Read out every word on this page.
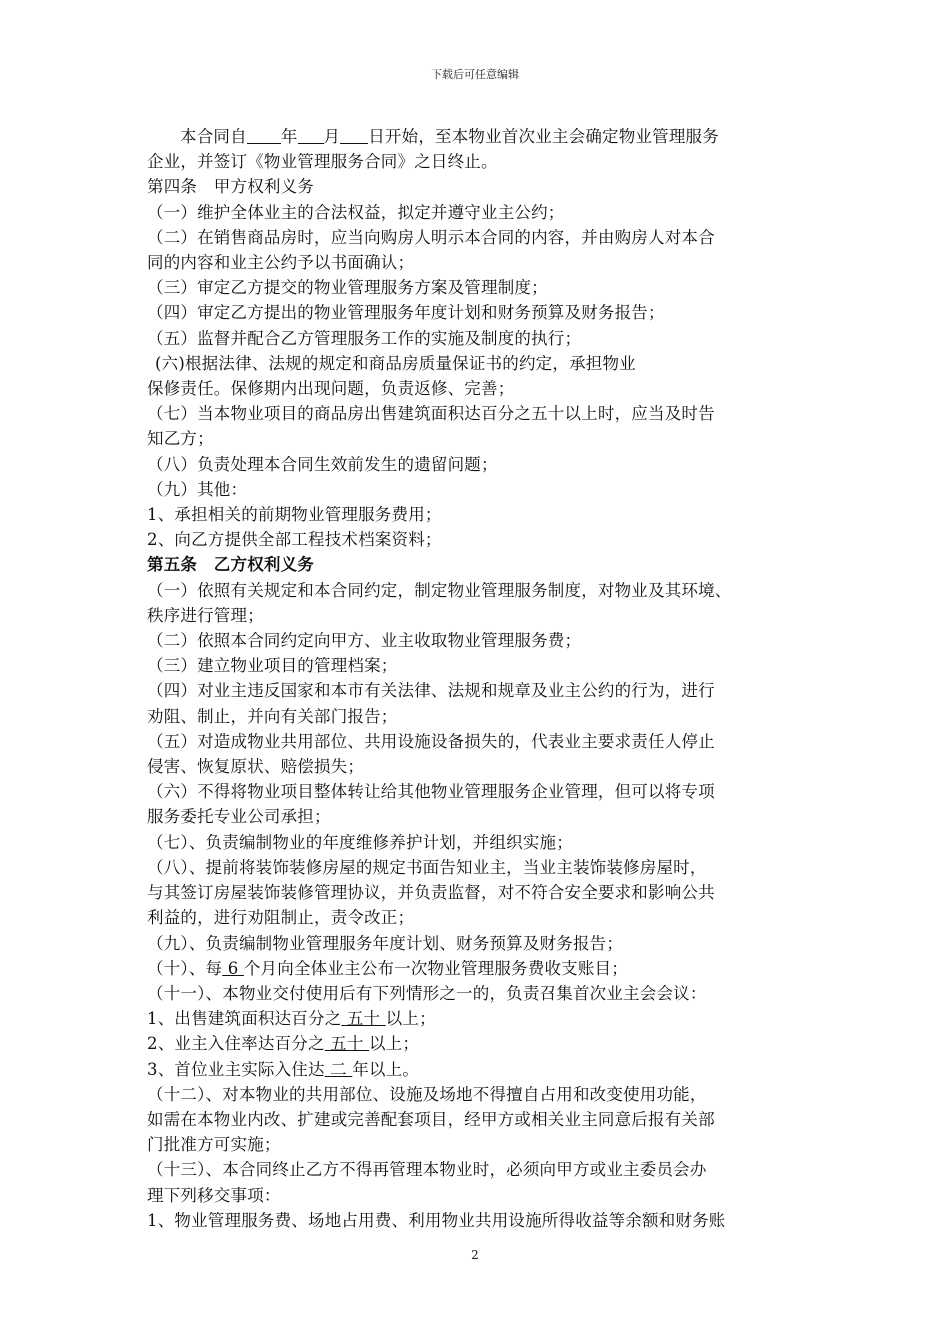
下载后可任意编辑

本合同自 年 月 日开始，至本物业首次业主会确定物业管理服务

企业，并签订《物业管理服务合同》之日终止。

第四条　甲方权利义务

（一）维护全体业主的合法权益，拟定并遵守业主公约；

（二）在销售商品房时，应当向购房人明示本合同的内容，并由购房人对本合

同的内容和业主公约予以书面确认；

（三）审定乙方提交的物业管理服务方案及管理制度；

（四）审定乙方提出的物业管理服务年度计划和财务预算及财务报告；

（五）监督并配合乙方管理服务工作的实施及制度的执行；

(六)根据法律、法规的规定和商品房质量保证书的约定，承担物业

保修责任。保修期内出现问题，负责返修、完善；

（七）当本物业项目的商品房出售建筑面积达百分之五十以上时，应当及时告

知乙方；

（八）负责处理本合同生效前发生的遗留问题；

（九）其他：

1、承担相关的前期物业管理服务费用；

2、向乙方提供全部工程技术档案资料；

第五条　乙方权利义务

（一）依照有关规定和本合同约定，制定物业管理服务制度，对物业及其环境、

秩序进行管理；

（二）依照本合同约定向甲方、业主收取物业管理服务费；

（三）建立物业项目的管理档案；

（四）对业主违反国家和本市有关法律、法规和规章及业主公约的行为，进行

劝阻、制止，并向有关部门报告；

（五）对造成物业共用部位、共用设施设备损失的，代表业主要求责任人停止

侵害、恢复原状、赔偿损失；

（六）不得将物业项目整体转让给其他物业管理服务企业管理，但可以将专项

服务委托专业公司承担；

（七）、负责编制物业的年度维修养护计划，并组织实施；

（八）、提前将装饰装修房屋的规定书面告知业主，当业主装饰装修房屋时，

与其签订房屋装饰装修管理协议，并负责监督，对不符合安全要求和影响公共

利益的，进行劝阻制止，责令改正；

（九）、负责编制物业管理服务年度计划、财务预算及财务报告；

（十）、每 6 个月向全体业主公布一次物业管理服务费收支账目；

（十一）、本物业交付使用后有下列情形之一的，负责召集首次业主会会议：

1、出售建筑面积达百分之 五十 以上；

2、业主入住率达百分之 五十 以上；

3、首位业主实际入住达 二 年以上。

（十二）、对本物业的共用部位、设施及场地不得擅自占用和改变使用功能，

如需在本物业内改、扩建或完善配套项目，经甲方或相关业主同意后报有关部

门批准方可实施；

（十三）、本合同终止乙方不得再管理本物业时，必须向甲方或业主委员会办

理下列移交事项：

1、物业管理服务费、场地占用费、利用物业共用设施所得收益等余额和财务账

2
